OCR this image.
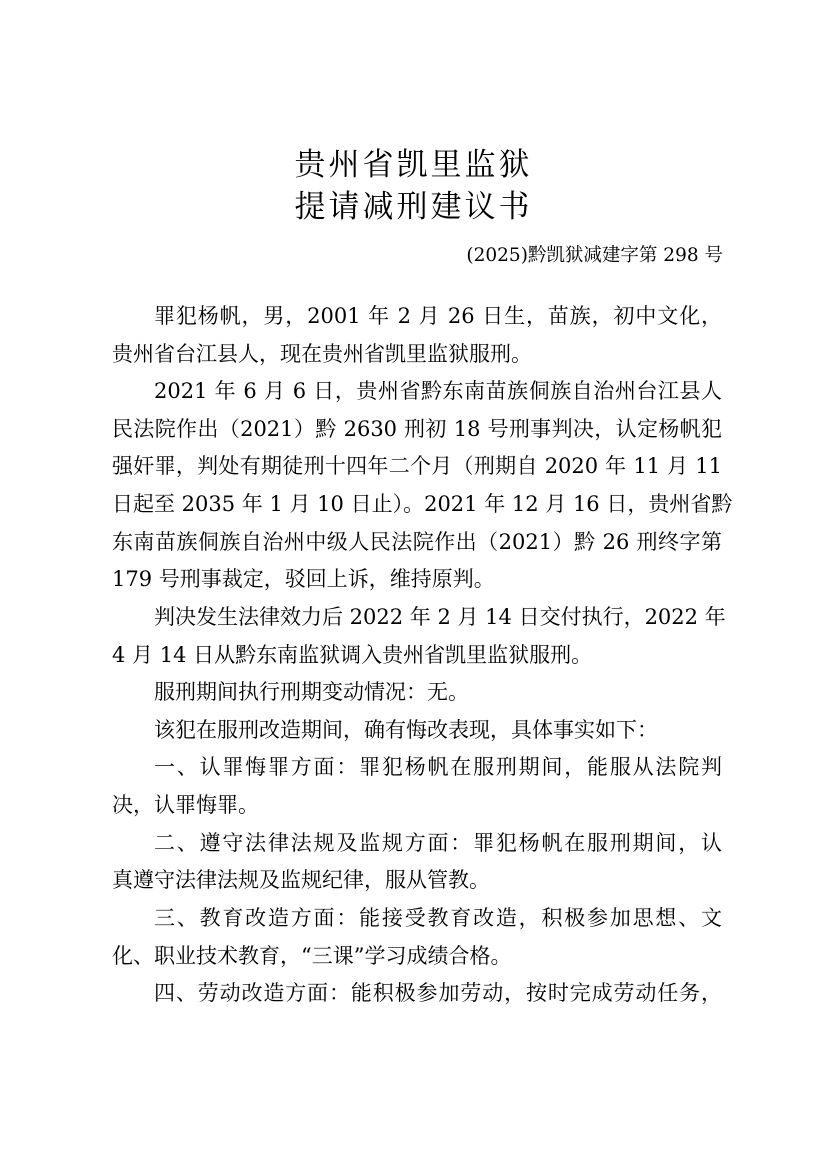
贵州省凯里监狱
提请减刑建议书
(2025)黔凯狱减建字第 298 号
罪犯杨帆，男，2001 年 2 月 26 日生，苗族，初中文化，
贵州省台江县人，现在贵州省凯里监狱服刑。
2021 年 6 月 6 日，贵州省黔东南苗族侗族自治州台江县人
民法院作出（2021）黔 2630 刑初 18 号刑事判决，认定杨帆犯
强奸罪，判处有期徒刑十四年二个月（刑期自 2020 年 11 月 11
日起至 2035 年 1 月 10 日止）。2021 年 12 月 16 日，贵州省黔
东南苗族侗族自治州中级人民法院作出（2021）黔 26 刑终字第
179 号刑事裁定，驳回上诉，维持原判。
判决发生法律效力后 2022 年 2 月 14 日交付执行，2022 年
4 月 14 日从黔东南监狱调入贵州省凯里监狱服刑。
服刑期间执行刑期变动情况：无。
该犯在服刑改造期间，确有悔改表现，具体事实如下：
一、认罪悔罪方面：罪犯杨帆在服刑期间，能服从法院判
决，认罪悔罪。
二、遵守法律法规及监规方面：罪犯杨帆在服刑期间，认
真遵守法律法规及监规纪律，服从管教。
三、教育改造方面：能接受教育改造，积极参加思想、文
化、职业技术教育，“三课”学习成绩合格。
四、劳动改造方面：能积极参加劳动，按时完成劳动任务，
